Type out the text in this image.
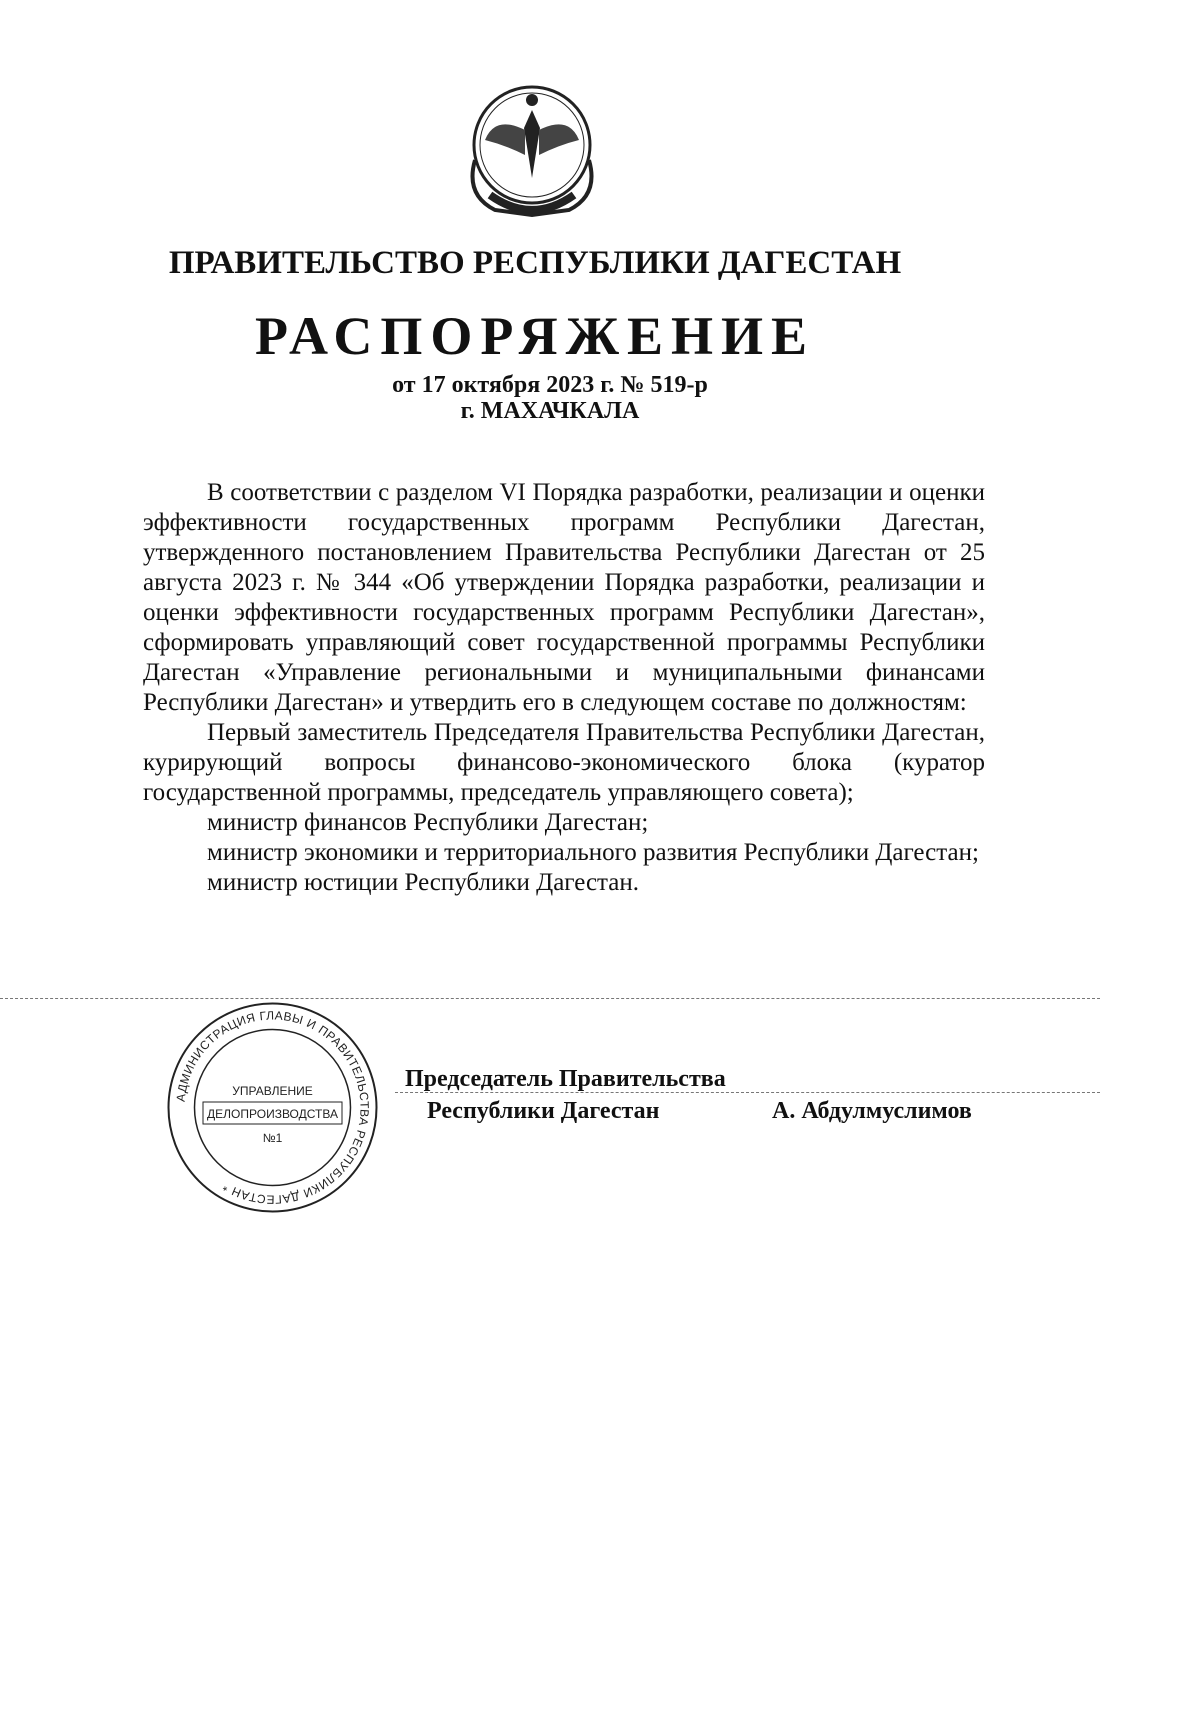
ПРАВИТЕЛЬСТВО РЕСПУБЛИКИ ДАГЕСТАН
РАСПОРЯЖЕНИЕ
от 17 октября 2023 г. № 519-р
г. МАХАЧКАЛА

В соответствии с разделом VI Порядка разработки, реализации и оценки эффективности государственных программ Республики Дагестан, утвержденного постановлением Правительства Республики Дагестан от 25 августа 2023 г. № 344 «Об утверждении Порядка разработки, реализации и оценки эффективности государственных программ Республики Дагестан», сформировать управляющий совет государственной программы Республики Дагестан «Управление региональными и муниципальными финансами Республики Дагестан» и утвердить его в следующем составе по должностям:

Первый заместитель Председателя Правительства Республики Дагестан, курирующий вопросы финансово-экономического блока (куратор государственной программы, председатель управляющего совета);

министр финансов Республики Дагестан;

министр экономики и территориального развития Республики Дагестан;

министр юстиции Республики Дагестан.

АДМИНИСТРАЦИЯ ГЛАВЫ И ПРАВИТЕЛЬСТВА РЕСПУБЛИКИ ДАГЕСТАН *
УПРАВЛЕНИЕ
ДЕЛОПРОИЗВОДСТВА
№1
Председатель Правительства
Республики Дагестан	А. Абдулмуслимов
